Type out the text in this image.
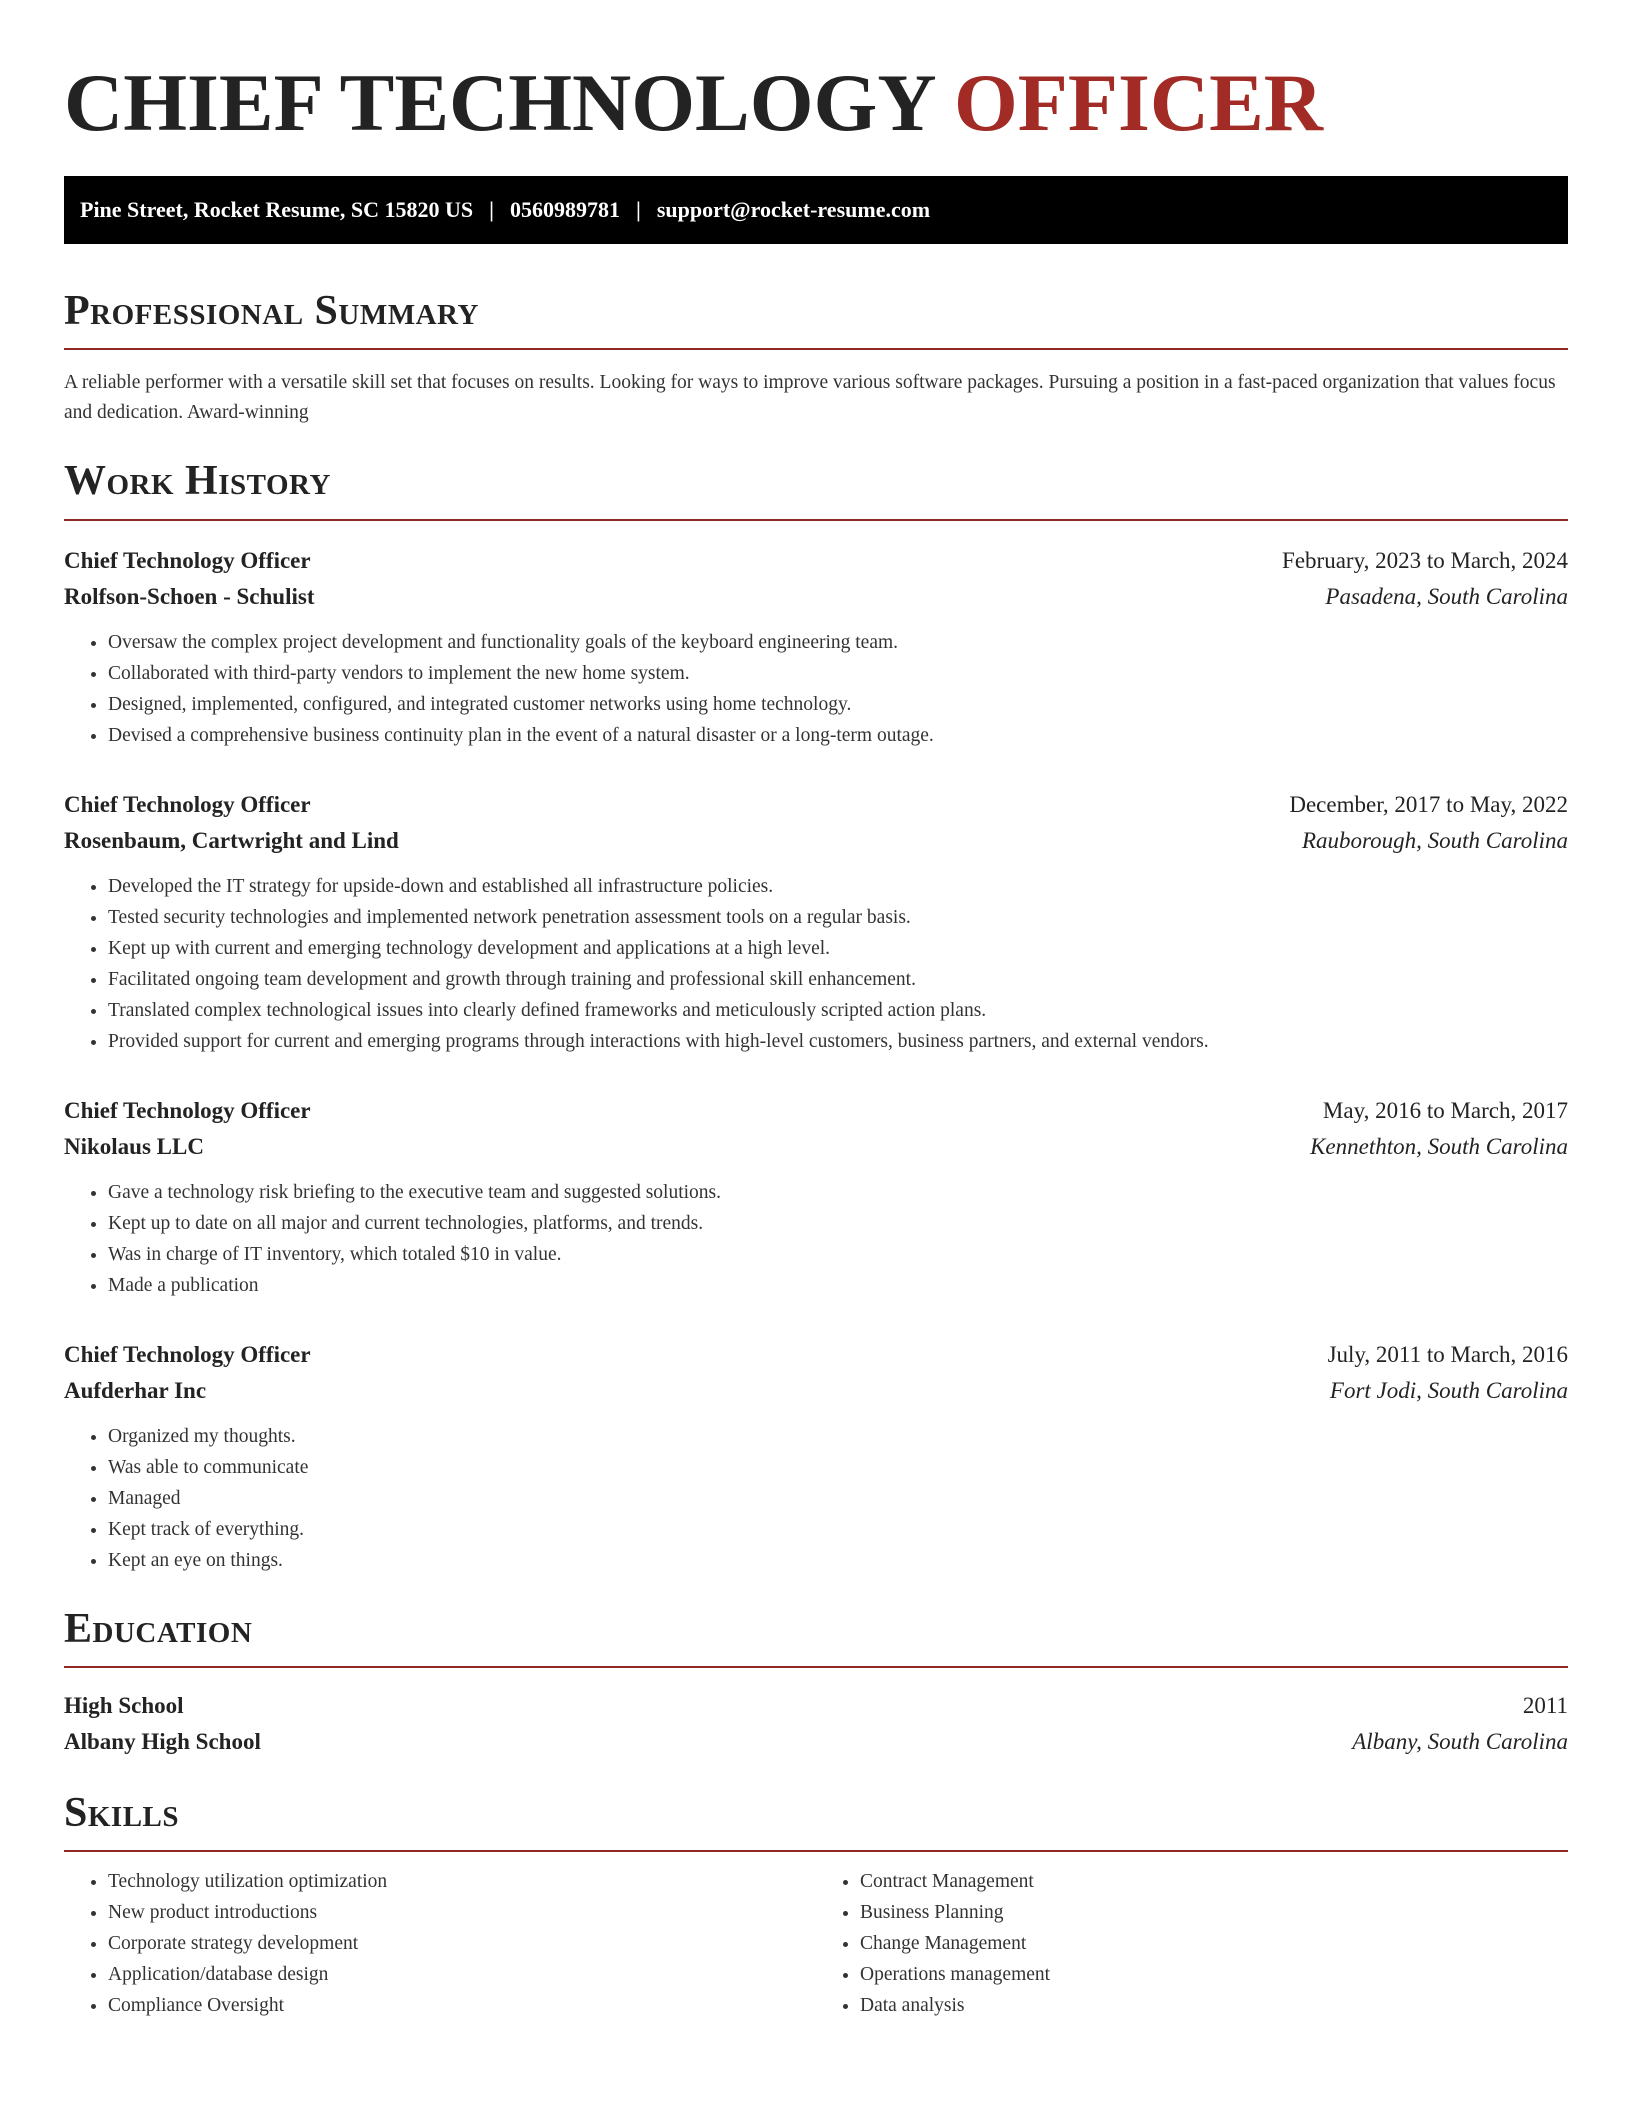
CHIEF TECHNOLOGY OFFICER
Pine Street, Rocket Resume, SC 15820 US | 0560989781 | support@rocket-resume.com
Professional Summary

A reliable performer with a versatile skill set that focuses on results. Looking for ways to improve various software packages. Pursuing a position in a fast-paced organization that values focus and dedication. Award-winning

Work History
Chief Technology Officer	February, 2023 to March, 2024
Rolfson-Schoen - Schulist	Pasadena, South Carolina
• Oversaw the complex project development and functionality goals of the keyboard engineering team.
• Collaborated with third-party vendors to implement the new home system.
• Designed, implemented, configured, and integrated customer networks using home technology.
• Devised a comprehensive business continuity plan in the event of a natural disaster or a long-term outage.
Chief Technology Officer	December, 2017 to May, 2022
Rosenbaum, Cartwright and Lind	Rauborough, South Carolina
• Developed the IT strategy for upside-down and established all infrastructure policies.
• Tested security technologies and implemented network penetration assessment tools on a regular basis.
• Kept up with current and emerging technology development and applications at a high level.
• Facilitated ongoing team development and growth through training and professional skill enhancement.
• Translated complex technological issues into clearly defined frameworks and meticulously scripted action plans.
• Provided support for current and emerging programs through interactions with high-level customers, business partners, and external vendors.
Chief Technology Officer	May, 2016 to March, 2017
Nikolaus LLC	Kennethton, South Carolina
• Gave a technology risk briefing to the executive team and suggested solutions.
• Kept up to date on all major and current technologies, platforms, and trends.
• Was in charge of IT inventory, which totaled $10 in value.
• Made a publication
Chief Technology Officer	July, 2011 to March, 2016
Aufderhar Inc	Fort Jodi, South Carolina
• Organized my thoughts.
• Was able to communicate
• Managed
• Kept track of everything.
• Kept an eye on things.
Education
High School	2011
Albany High School	Albany, South Carolina
Skills
• Technology utilization optimization
• New product introductions
• Corporate strategy development
• Application/database design
• Compliance Oversight
• Contract Management
• Business Planning
• Change Management
• Operations management
• Data analysis
